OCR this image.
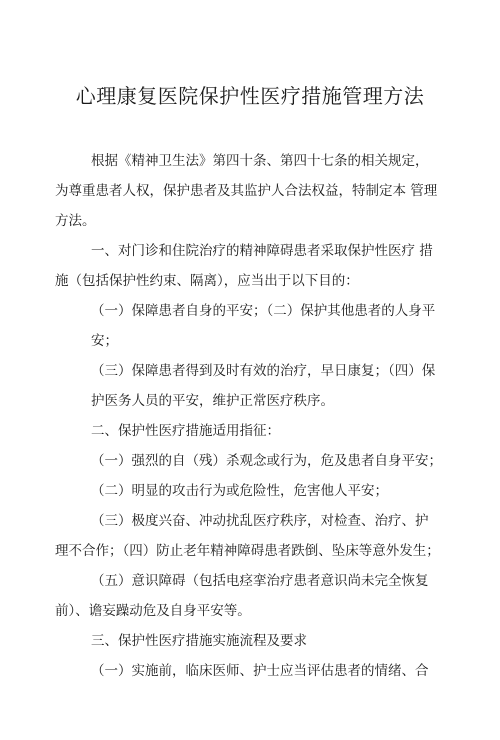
心理康复医院保护性医疗措施管理方法

根据《精神卫生法》第四十条、第四十七条的相关规定，

为尊重患者人权，保护患者及其监护人合法权益，特制定本 管理

方法。

一、对门诊和住院治疗的精神障碍患者采取保护性医疗 措

施（包括保护性约束、隔离），应当出于以下目的：

（一）保障患者自身的平安；（二）保护其他患者的人身平

安；

（三）保障患者得到及时有效的治疗，早日康复；（四）保

护医务人员的平安，维护正常医疗秩序。

二、保护性医疗措施适用指征：

（一）强烈的自（残）杀观念或行为，危及患者自身平安；

（二）明显的攻击行为或危险性，危害他人平安；

（三）极度兴奋、冲动扰乱医疗秩序，对检查、治疗、护

理不合作；（四）防止老年精神障碍患者跌倒、坠床等意外发生；

（五）意识障碍（包括电痉挛治疗患者意识尚未完全恢复

前）、谵妄躁动危及自身平安等。

三、保护性医疗措施实施流程及要求

（一）实施前，临床医师、护士应当评估患者的情绪、合
